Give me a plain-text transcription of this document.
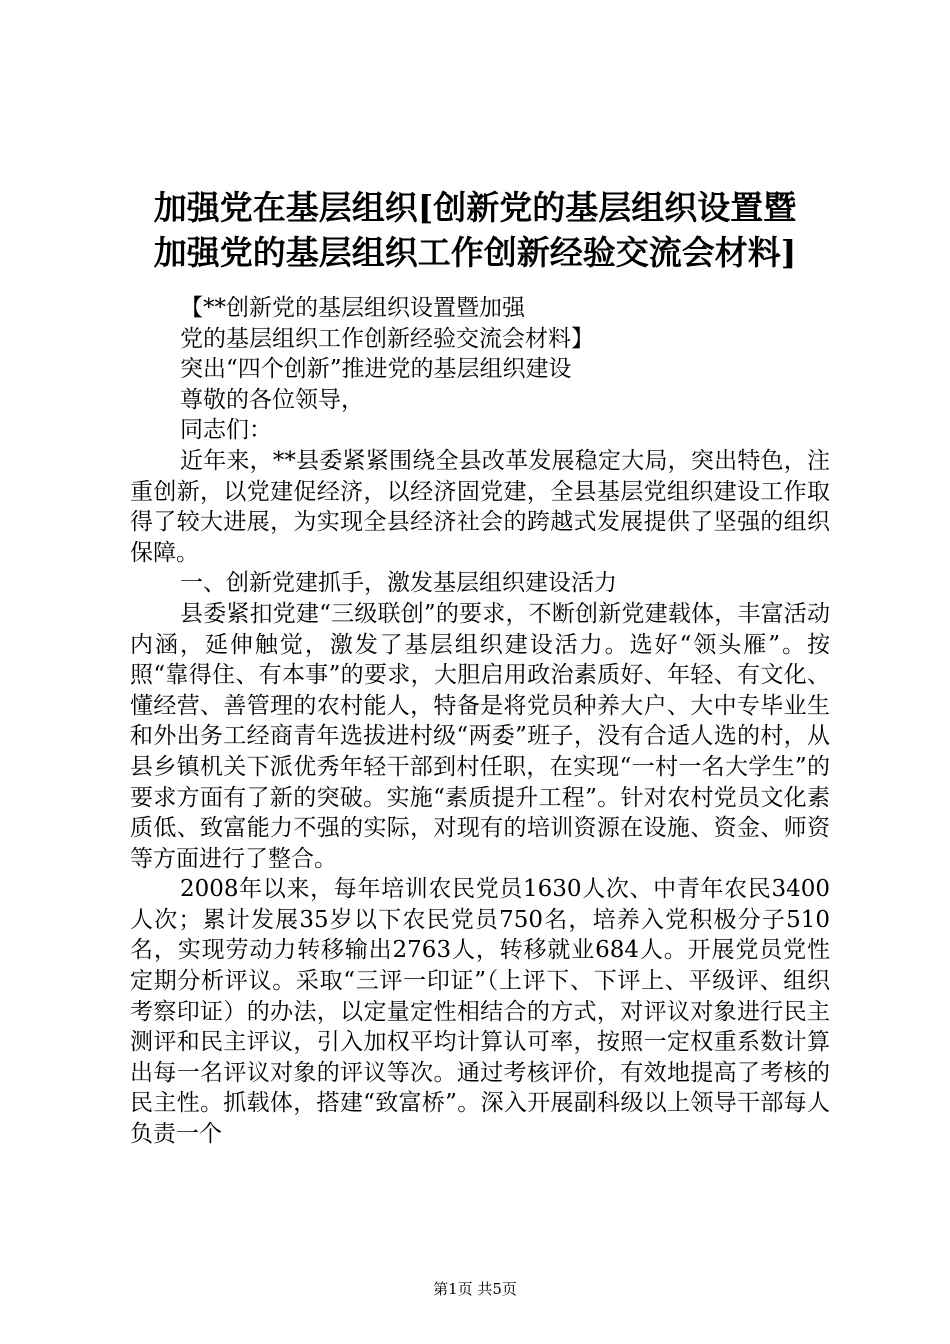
加强党在基层组织[创新党的基层组织设置暨
加强党的基层组织工作创新经验交流会材料]

【**创新党的基层组织设置暨加强

党的基层组织工作创新经验交流会材料】

突出“四个创新”推进党的基层组织建设

尊敬的各位领导，

同志们：

近年来，**县委紧紧围绕全县改革发展稳定大局，突出特色，注重创新，以党建促经济，以经济固党建，全县基层党组织建设工作取得了较大进展，为实现全县经济社会的跨越式发展提供了坚强的组织保障。

一、创新党建抓手，激发基层组织建设活力

县委紧扣党建“三级联创”的要求，不断创新党建载体，丰富活动内涵，延伸触觉，激发了基层组织建设活力。选好“领头雁”。按照“靠得住、有本事”的要求，大胆启用政治素质好、年轻、有文化、懂经营、善管理的农村能人，特备是将党员种养大户、大中专毕业生和外出务工经商青年选拔进村级“两委”班子，没有合适人选的村，从县乡镇机关下派优秀年轻干部到村任职，在实现“一村一名大学生”的要求方面有了新的突破。实施“素质提升工程”。针对农村党员文化素质低、致富能力不强的实际，对现有的培训资源在设施、资金、师资等方面进行了整合。

2008年以来，每年培训农民党员1630人次、中青年农民3400人次；累计发展35岁以下农民党员750名，培养入党积极分子510名，实现劳动力转移输出2763人，转移就业684人。开展党员党性定期分析评议。采取“三评一印证”（上评下、下评上、平级评、组织考察印证）的办法，以定量定性相结合的方式，对评议对象进行民主测评和民主评议，引入加权平均计算认可率，按照一定权重系数计算出每一名评议对象的评议等次。通过考核评价，有效地提高了考核的民主性。抓载体，搭建“致富桥”。深入开展副科级以上领导干部每人负责一个

第1页 共5页
